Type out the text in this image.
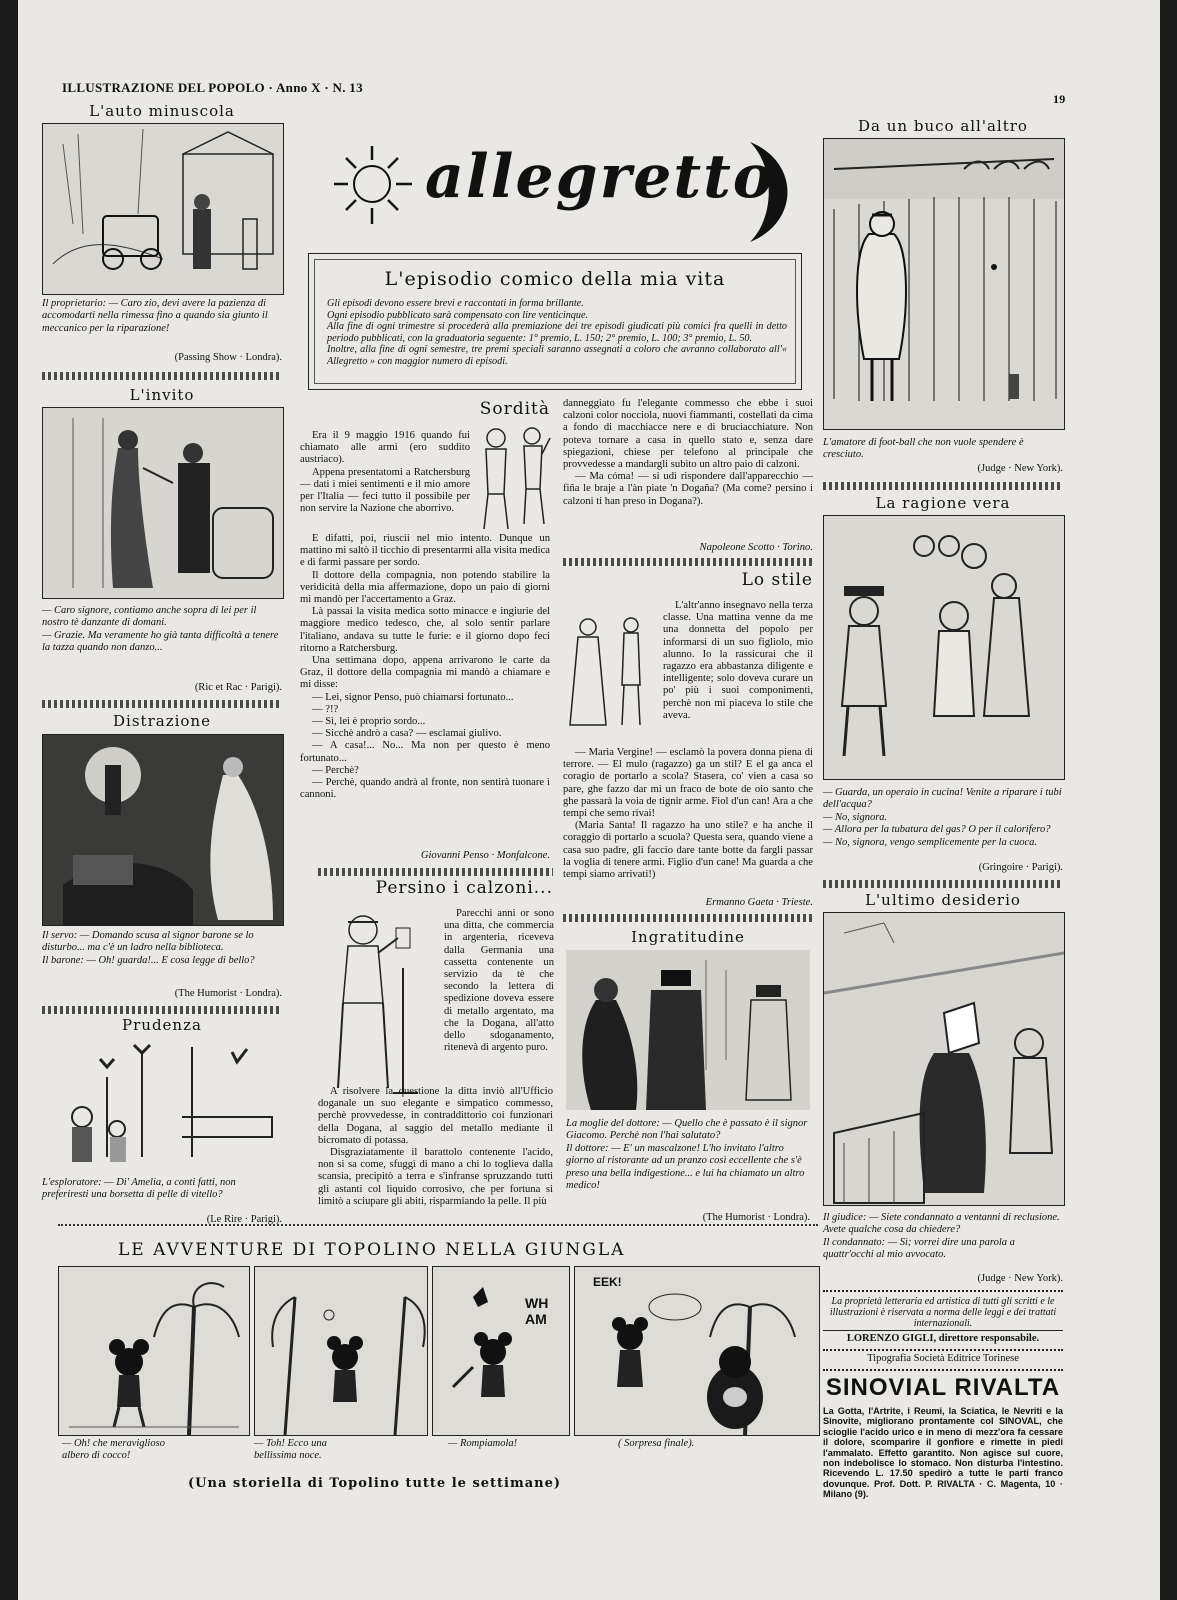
ILLUSTRAZIONE DEL POPOLO · Anno X · N. 13
19
L'auto minuscola
Il proprietario: — Caro zio, devi avere la pazienza di accomodarti nella rimessa fino a quando sia giunto il meccanico per la riparazione!
(Passing Show · Londra).
L'invito
— Caro signore, contiamo anche sopra di lei per il nostro tè danzante di domani.
— Grazie. Ma veramente ho già tanta difficoltà a tenere la tazza quando non danzo...
(Ric et Rac · Parigi).
Distrazione
Il servo: — Domando scusa al signor barone se lo disturbo... ma c'è un ladro nella biblioteca.
Il barone: — Oh! guarda!... E cosa legge di bello?
(The Humorist · Londra).
Prudenza
L'esploratore: — Di' Amelia, a conti fatti, non preferiresti una borsetta di pelle di vitello?
(Le Rire · Parigi).
allegretto
L'episodio comico della mia vita
Gli episodi devono essere brevi e raccontati in forma brillante.
Ogni episodio pubblicato sarà compensato con lire venticinque.
Alla fine di ogni trimestre si procederà alla premiazione dei tre episodi giudicati più comici fra quelli in detto periodo pubblicati, con la graduatoria seguente: 1° premio, L. 150; 2° premio, L. 100; 3° premio, L. 50.
Inoltre, alla fine di ogni semestre, tre premi speciali saranno assegnati a coloro che avranno collaborato all'« Allegretto » con maggior numero di episodi.

Era il 9 maggio 1916 quando fui chiamato alle armi (ero suddito austriaco).

Appena presentatomi a Ratchersburg — dati i miei sentimenti e il mio amore per l'Italia — feci tutto il possibile per non servire la Nazione che aborrivo.

E difatti, poi, riuscii nel mio intento. Dunque un mattino mi saltò il ticchio di presentarmi alla visita medica e di farmi passare per sordo.

Il dottore della compagnia, non potendo stabilire la veridicità della mia affermazione, dopo un paio di giorni mi mandò per l'accertamento a Graz.

Là passai la visita medica sotto minacce e ingiurie del maggiore medico tedesco, che, al solo sentir parlare l'italiano, andava su tutte le furie: e il giorno dopo feci ritorno a Ratchersburg.

Una settimana dopo, appena arrivarono le carte da Graz, il dottore della compagnia mi mandò a chiamare e mi disse:

— Lei, signor Penso, può chiamarsi fortunato...

— ?!?

— Sì, lei è proprio sordo...

— Sicchè andrò a casa? — esclamai giulivo.

— A casa!... No... Ma non per questo è meno fortunato...

— Perchè?

— Perchè, quando andrà al fronte, non sentirà tuonare i cannoni.

Giovanni Penso · Monfalcone.
Sordità
Persino i calzoni...

Parecchi anni or sono una ditta, che commercia in argenteria, riceveva dalla Germania una cassetta contenente un servizio da tè che secondo la lettera di spedizione doveva essere di metallo argentato, ma che la Dogana, all'atto dello sdoganamento, ritenevà di argento puro.

A risolvere la questione la ditta inviò all'Ufficio doganale un suo elegante e simpatico commesso, perchè provvedesse, in contraddittorio coi funzionari della Dogana, al saggio del metallo mediante il bicromato di potassa.

Disgraziatamente il barattolo contenente l'acido, non si sa come, sfuggì di mano a chi lo toglieva dalla scansia, precipitò a terra e s'infranse spruzzando tutti gli astanti col liquido corrosivo, che per fortuna si limitò a sciupare gli abiti, risparmiando la pelle. Il più

danneggiato fu l'elegante commesso che ebbe i suoi calzoni color nocciola, nuovi fiammanti, costellati da cima a fondo di macchiacce nere e di bruciacchiature. Non poteva tornare a casa in quello stato e, senza dare spiegazioni, chiese per telefono al principale che provvedesse a mandargli subito un altro paio di calzoni.

— Ma cóma! — si udì rispondere dall'apparecchio — fiña le braje a l'àn piate 'n Dogaña? (Ma come? persino i calzoni ti han preso in Dogana?).

Napoleone Scotto · Torino.
Lo stile

L'altr'anno insegnavo nella terza classe. Una mattina venne da me una donnetta del popolo per informarsi di un suo figliolo, mio alunno. Io la rassicurai che il ragazzo era abbastanza diligente e intelligente; solo doveva curare un po' più i suoi componimenti, perchè non mi piaceva lo stile che aveva.

— Maria Vergine! — esclamò la povera donna piena di terrore. — El mulo (ragazzo) ga un stil? E el ga anca el coragio de portarlo a scola? Stasera, co' vien a casa so pare, ghe fazzo dar mi un fraco de bote de oio santo che ghe passarà la voia de tignir arme. Fiol d'un can! Ara a che tempi che semo rivai!

(Maria Santa! Il ragazzo ha uno stile? e ha anche il coraggio di portarlo a scuola? Questa sera, quando viene a casa suo padre, gli faccio dare tante botte da fargli passar la voglia di tenere armi. Figlio d'un cane! Ma guarda a che tempi siamo arrivati!)

Ermanno Gaeta · Trieste.
Ingratitudine
La moglie del dottore: — Quello che è passato è il signor Giacomo. Perchè non l'hai salutato?
Il dottore: — E' un mascalzone! L'ho invitato l'altro giorno al ristorante ad un pranzo così eccellente che s'è preso una bella indigestione... e lui ha chiamato un altro medico!
(The Humorist · Londra).
Da un buco all'altro
L'amatore di foot-ball che non vuole spendere è cresciuto.
(Judge · New York).
La ragione vera
— Guarda, un operaio in cucina! Venite a riparare i tubi dell'acqua?
— No, signora.
— Allora per la tubatura del gas? O per il calorifero?
— No, signora, vengo semplicemente per la cuoca.
(Gringoire · Parigi).
L'ultimo desiderio
Il giudice: — Siete condannato a ventanni di reclusione. Avete qualche cosa da chiedere?
Il condannato: — Sì; vorrei dire una parola a quattr'occhi al mio avvocato.
(Judge · New York).
La proprietà letteraria ed artistica di tutti gli scritti e le illustrazioni è riservata a norma delle leggi e dei trattati internazionali.
LORENZO GIGLI, direttore responsabile.
Tipografia Società Editrice Torinese
SINOVIAL RIVALTA
La Gotta, l'Artrite, i Reumi, la Sciatica, le Nevriti e la Sinovite, migliorano prontamente col SINOVAL, che scioglie l'acido urico e in meno di mezz'ora fa cessare il dolore, scomparire il gonfiore e rimette in piedi l'ammalato. Effetto garantito. Non agisce sul cuore, non indebolisce lo stomaco. Non disturba l'intestino. Ricevendo L. 17.50 spedirò a tutte le parti franco dovunque. Prof. Dott. P. RIVALTA · C. Magenta, 10 · Milano (9).
LE AVVENTURE DI TOPOLINO NELLA GIUNGLA
WHAM
EEK!
— Oh! che meraviglioso albero di cocco!
— Toh! Ecco una bellissima noce.
— Rompiamola!	( Sorpresa finale).
(Una storiella di Topolino tutte le settimane)
